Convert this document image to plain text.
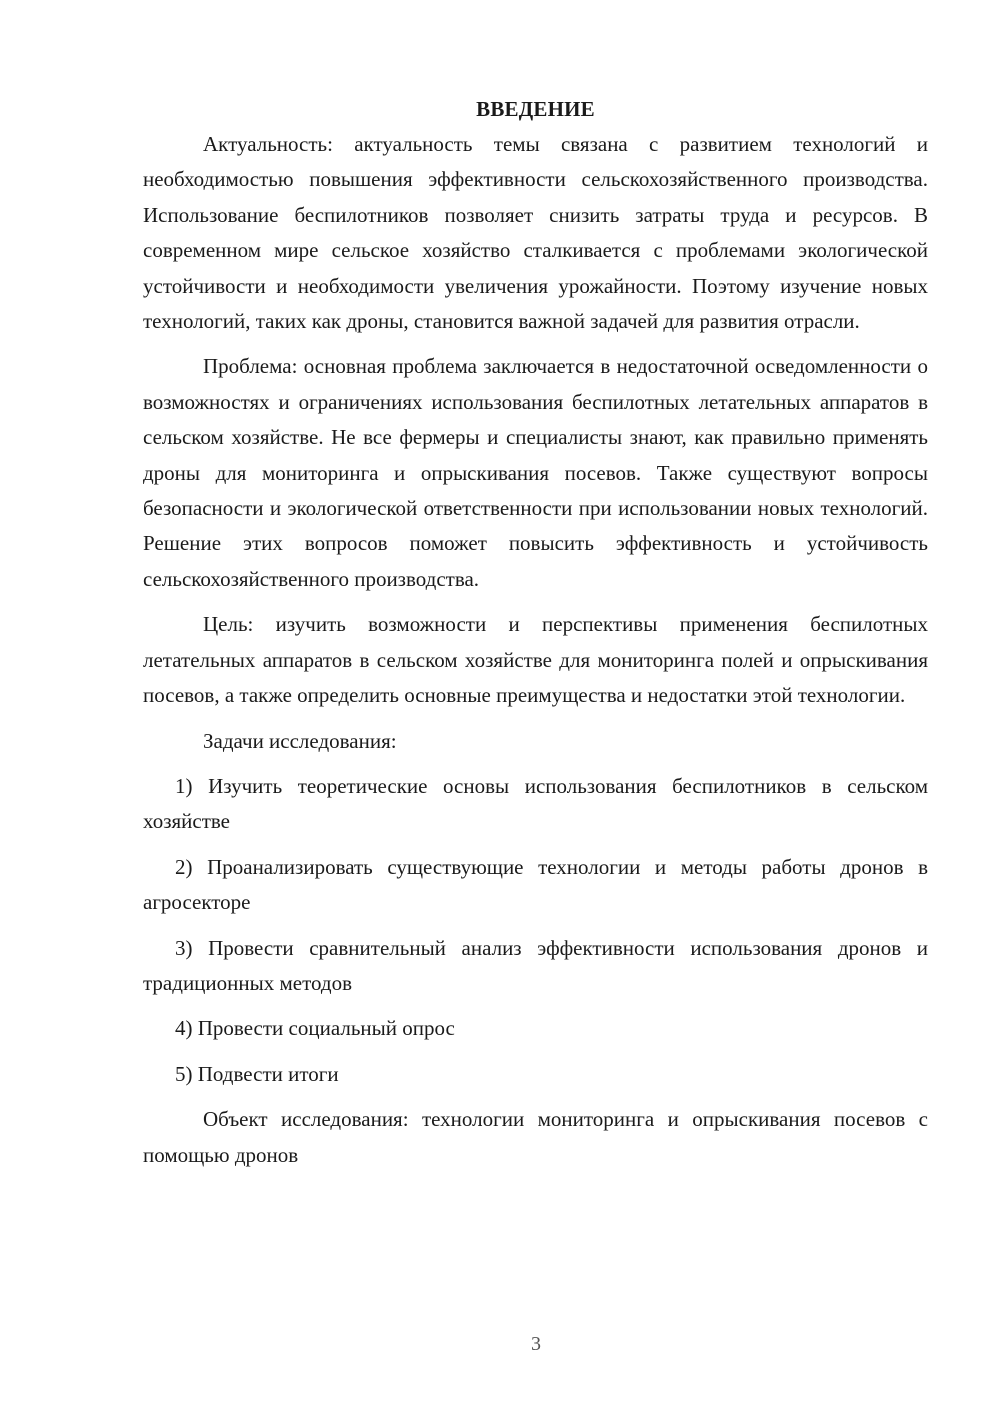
ВВЕДЕНИЕ

Актуальность: актуальность темы связана с развитием технологий и необходимостью повышения эффективности сельскохозяйственного производства. Использование беспилотников позволяет снизить затраты труда и ресурсов. В современном мире сельское хозяйство сталкивается с проблемами экологической устойчивости и необходимости увеличения урожайности. Поэтому изучение новых технологий, таких как дроны, становится важной задачей для развития отрасли.

Проблема: основная проблема заключается в недостаточной осведомленности о возможностях и ограничениях использования беспилотных летательных аппаратов в сельском хозяйстве. Не все фермеры и специалисты знают, как правильно применять дроны для мониторинга и опрыскивания посевов. Также существуют вопросы безопасности и экологической ответственности при использовании новых технологий. Решение этих вопросов поможет повысить эффективность и устойчивость сельскохозяйственного производства.

Цель: изучить возможности и перспективы применения беспилотных летательных аппаратов в сельском хозяйстве для мониторинга полей и опрыскивания посевов, а также определить основные преимущества и недостатки этой технологии.

Задачи исследования:

1) Изучить теоретические основы использования беспилотников в сельском хозяйстве

2) Проанализировать существующие технологии и методы работы дронов в агросекторе

3) Провести сравнительный анализ эффективности использования дронов и традиционных методов

4) Провести социальный опрос

5) Подвести итоги

Объект исследования: технологии мониторинга и опрыскивания посевов с помощью дронов

3
